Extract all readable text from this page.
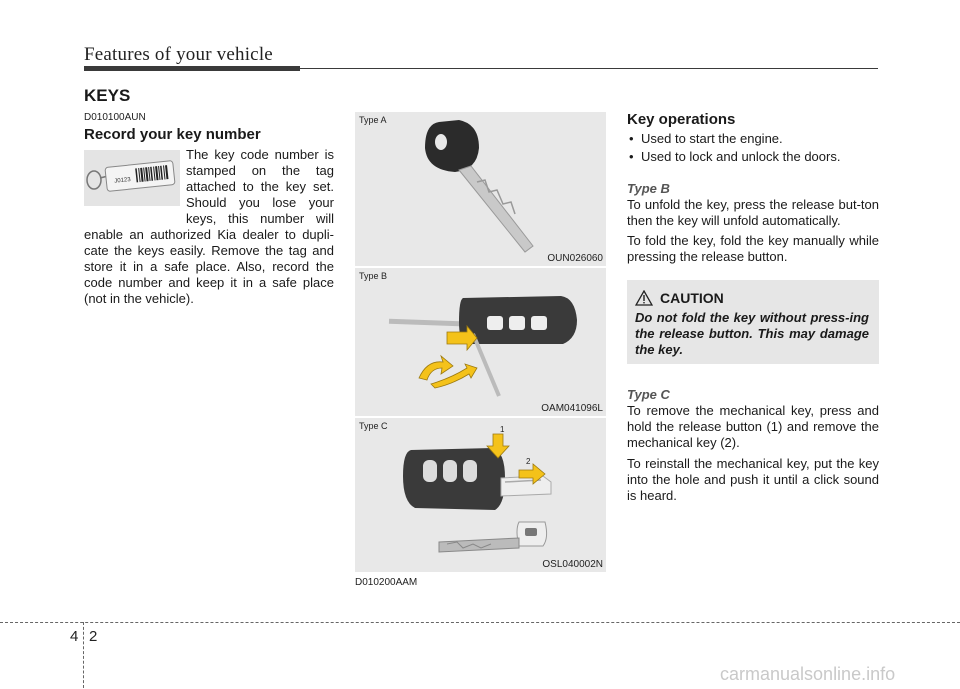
Features of your vehicle
KEYS
D010100AUN
Record your key number
J0123
The key code number is
stamped on the tag
attached to the key set.
Should you lose your
keys, this number will
enable an authorized Kia dealer to dupli-cate the keys easily. Remove the tag and store it in a safe place. Also, record the code number and keep it in a safe place (not in the vehicle).
Type A
OUN026060
Type B
OAM041096L
1
2
Type C
OSL040002N
D010200AAM
Key operations
• Used to start the engine.
• Used to lock and unlock the doors.
Type B
To unfold the key, press the release but-ton then the key will unfold automatically.
To fold the key, fold the key manually while pressing the release button.
CAUTION
Do not fold the key without press-ing the release button. This may damage the key.
Type C
To remove the mechanical key, press and hold the release button (1) and remove the mechanical key (2).
To reinstall the mechanical key, put the key into the hole and push it until a click sound is heard.
4 2
carmanualsonline.info
